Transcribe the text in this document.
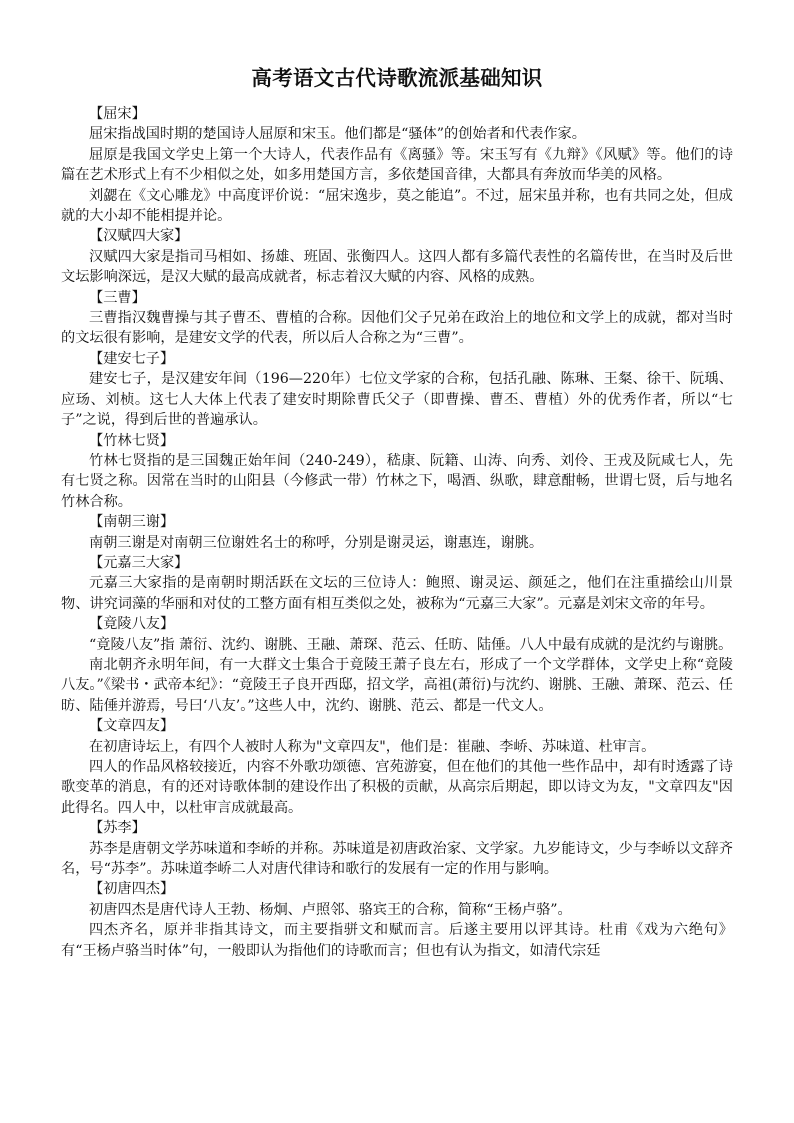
高考语文古代诗歌流派基础知识

【屈宋】

屈宋指战国时期的楚国诗人屈原和宋玉。他们都是“骚体”的创始者和代表作家。

屈原是我国文学史上第一个大诗人，代表作品有《离骚》等。宋玉写有《九辩》《风赋》等。他们的诗篇在艺术形式上有不少相似之处，如多用楚国方言，多依楚国音律，大都具有奔放而华美的风格。

刘勰在《文心雕龙》中高度评价说：“屈宋逸步，莫之能追”。不过，屈宋虽并称，也有共同之处，但成就的大小却不能相提并论。

【汉赋四大家】

汉赋四大家是指司马相如、扬雄、班固、张衡四人。这四人都有多篇代表性的名篇传世，在当时及后世文坛影响深远，是汉大赋的最高成就者，标志着汉大赋的内容、风格的成熟。

【三曹】

三曹指汉魏曹操与其子曹丕、曹植的合称。因他们父子兄弟在政治上的地位和文学上的成就，都对当时的文坛很有影响，是建安文学的代表，所以后人合称之为“三曹”。

【建安七子】

建安七子，是汉建安年间（196—220年）七位文学家的合称，包括孔融、陈琳、王粲、徐干、阮瑀、应玚、刘桢。这七人大体上代表了建安时期除曹氏父子（即曹操、曹丕、曹植）外的优秀作者，所以“七子”之说，得到后世的普遍承认。

【竹林七贤】

竹林七贤指的是三国魏正始年间（240-249），嵇康、阮籍、山涛、向秀、刘伶、王戎及阮咸七人，先有七贤之称。因常在当时的山阳县（今修武一带）竹林之下，喝酒、纵歌，肆意酣畅，世谓七贤，后与地名竹林合称。

【南朝三谢】

南朝三谢是对南朝三位谢姓名士的称呼，分别是谢灵运，谢惠连，谢朓。

【元嘉三大家】

元嘉三大家指的是南朝时期活跃在文坛的三位诗人：鲍照、谢灵运、颜延之，他们在注重描绘山川景物、讲究词藻的华丽和对仗的工整方面有相互类似之处，被称为“元嘉三大家”。元嘉是刘宋文帝的年号。

【竟陵八友】

“竟陵八友”指 萧衍、沈约、谢朓、王融、萧琛、范云、任昉、陆倕。八人中最有成就的是沈约与谢朓。

南北朝齐永明年间，有一大群文士集合于竟陵王萧子良左右，形成了一个文学群体，文学史上称“竟陵八友。”《梁书・武帝本纪》：“竟陵王子良开西邸，招文学，高祖(萧衍)与沈约、谢朓、王融、萧琛、范云、任昉、陆倕并游焉，号曰‘八友’。”这些人中，沈约、谢朓、范云、都是一代文人。

【文章四友】

在初唐诗坛上，有四个人被时人称为"文章四友"，他们是：崔融、李峤、苏味道、杜审言。

四人的作品风格较接近，内容不外歌功颂德、宫苑游宴，但在他们的其他一些作品中，却有时透露了诗歌变革的消息，有的还对诗歌体制的建设作出了积极的贡献，从高宗后期起，即以诗文为友，"文章四友"因此得名。四人中，以杜审言成就最高。

【苏李】

苏李是唐朝文学苏味道和李峤的并称。苏味道是初唐政治家、文学家。九岁能诗文，少与李峤以文辞齐名，号“苏李”。苏味道李峤二人对唐代律诗和歌行的发展有一定的作用与影响。

【初唐四杰】

初唐四杰是唐代诗人王勃、杨炯、卢照邻、骆宾王的合称，简称“王杨卢骆”。

四杰齐名，原并非指其诗文，而主要指骈文和赋而言。后遂主要用以评其诗。杜甫《戏为六绝句》有“王杨卢骆当时体”句，一般即认为指他们的诗歌而言；但也有认为指文，如清代宗廷
